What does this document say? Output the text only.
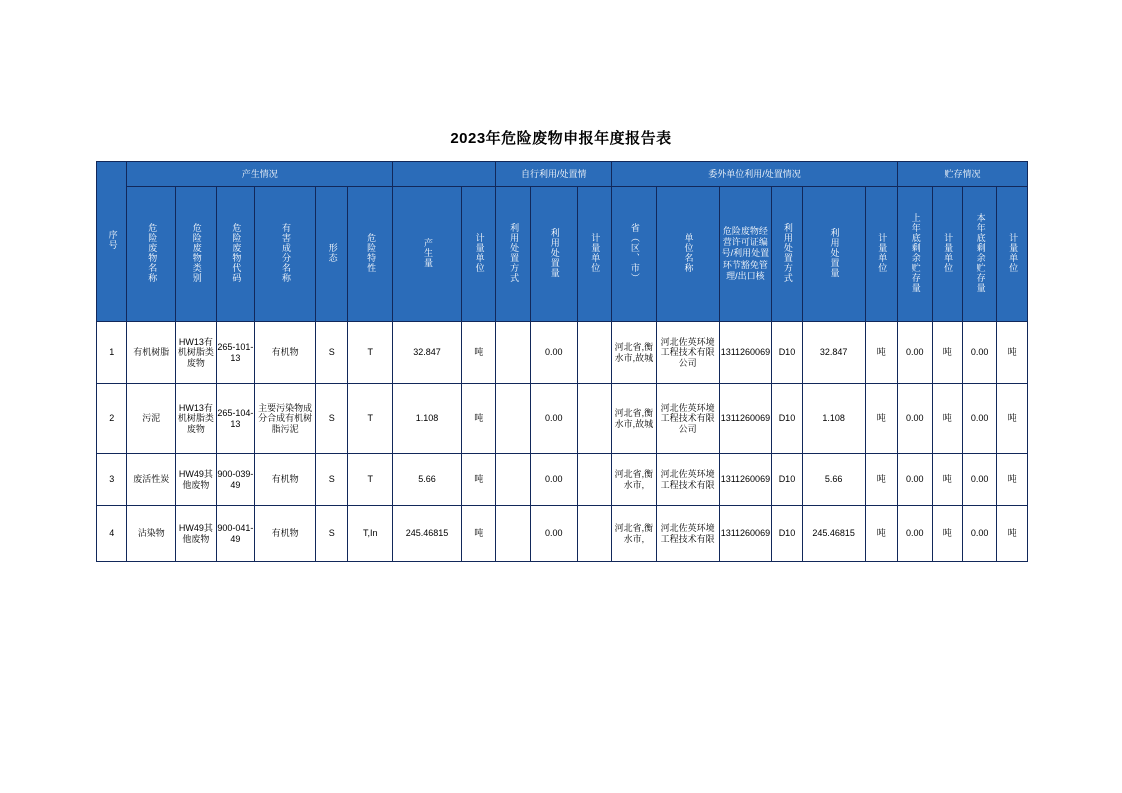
2023年危险废物申报年度报告表
序号	产生情况								自行利用/处置情			委外单位利用/处置情况						贮存情况			
	危险废物名称	危险废物类别	危险废物代码	有害成分名称	形态	危险特性	产生量	计量单位	利用处置方式	利用处置量	计量单位	省（区、市）	单位名称	危险废物经营许可证编号/利用处置环节豁免管理/出口核	利用处置方式	利用处置量	计量单位	上年底剩余贮存量	计量单位	本年底剩余贮存量	计量单位
1	有机树脂	HW13有机树脂类废物	265-101-13	有机物	S	T	32.847	吨		0.00		河北省,衡水市,故城	河北佐英环境工程技术有限公司	1311260069	D10	32.847	吨	0.00	吨	0.00	吨
2	污泥	HW13有机树脂类废物	265-104-13	主要污染物成分合成有机树脂污泥	S	T	1.108	吨		0.00		河北省,衡水市,故城	河北佐英环境工程技术有限公司	1311260069	D10	1.108	吨	0.00	吨	0.00	吨
3	废活性炭	HW49其他废物	900-039-49	有机物	S	T	5.66	吨		0.00		河北省,衡水市,	河北佐英环境工程技术有限	1311260069	D10	5.66	吨	0.00	吨	0.00	吨
4	沾染物	HW49其他废物	900-041-49	有机物	S	T,In	245.46815	吨		0.00		河北省,衡水市,	河北佐英环境工程技术有限	1311260069	D10	245.46815	吨	0.00	吨	0.00	吨
